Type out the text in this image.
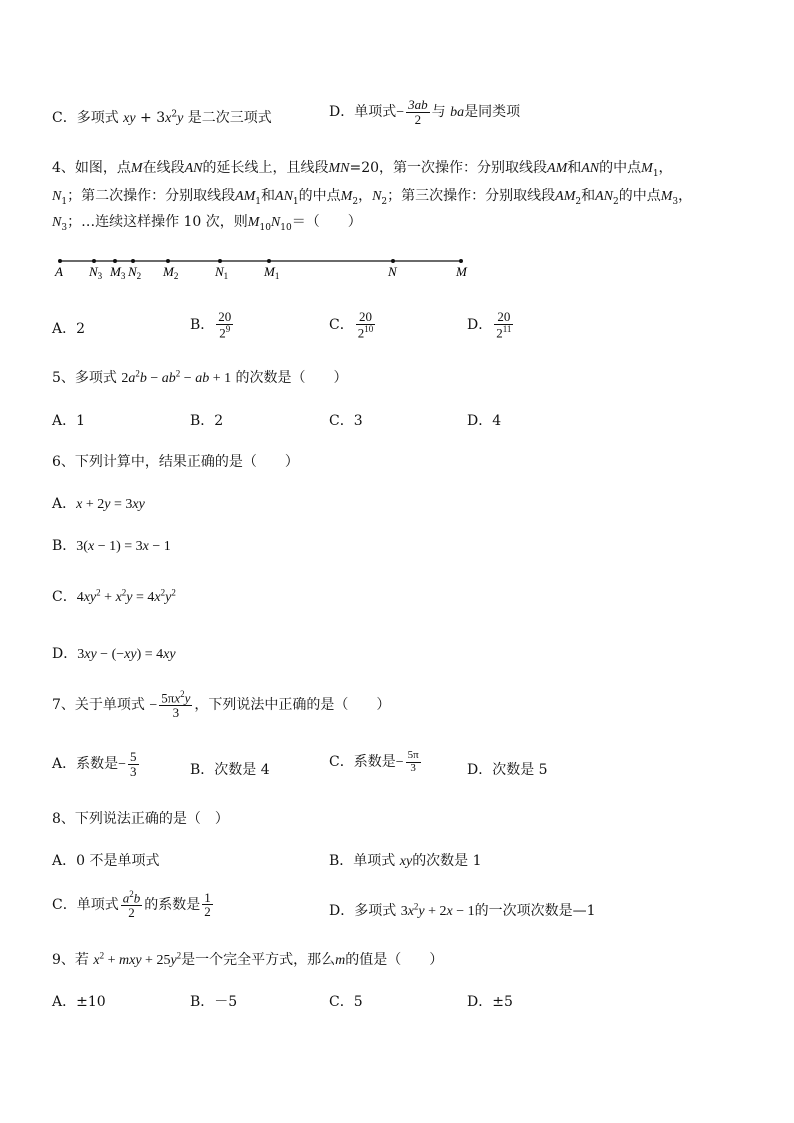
C．多项式 xy + $3x^2y$ 是二次三项式	D．单项式− $\frac{3ab}{2}$ 与 ba是同类项
4、如图，点M在线段AN的延长线上，且线段MN=20，第一次操作：分别取线段AM和AN的中点$M_1$，
$N_1$；第二次操作：分别取线段$AM_1$和$AN_1$的中点$M_2$，$N_2$；第三次操作：分别取线段$AM_2$和$AN_2$的中点$M_3$，
$N_3$；…连续这样操作 10 次，则$M_{10}N_{10}=$（　　）
A $N_3$ $M_3$ $N_2$ $M_2$	$N_1$	$M_1$	N	M
A．2	B． $\frac{20}{2^9}$	C． $\frac{20}{2^{10}}$	D． $\frac{20}{2^{11}}$
5、多项式 $2a^2b - ab^2$ − ab + 1 的次数是（　　）
A．1	B．2	C．3	D．4
6、下列计算中，结果正确的是（　　）
A．x + 2y = 3xy
B．3(x − 1) = 3x − 1
C．$4xy^2 + x^2y = 4x^2y^2$
D．3xy − (−xy) = 4xy
7、关于单项式 − $\frac{5\pi x^2y}{3}$ ，下列说法中正确的是（　　）
A．系数是− $\frac{5}{3}$	B．次数是 4	C．系数是− $\frac{5\pi}{3}$	D．次数是 5
8、下列说法正确的是（　）
A．0 不是单项式	B．单项式 xy的次数是 1
C．单项式 $\frac{a^2b}{2}$ 的系数是 $\frac{1}{2}$	D．多项式 $3x^2y + 2x - 1$的一次项次数是—1
9、若 $x^2$ + mxy + $25y^2$是一个完全平方式，那么m的值是（　　）
A．±10	B．－5	C．5	D．±5
